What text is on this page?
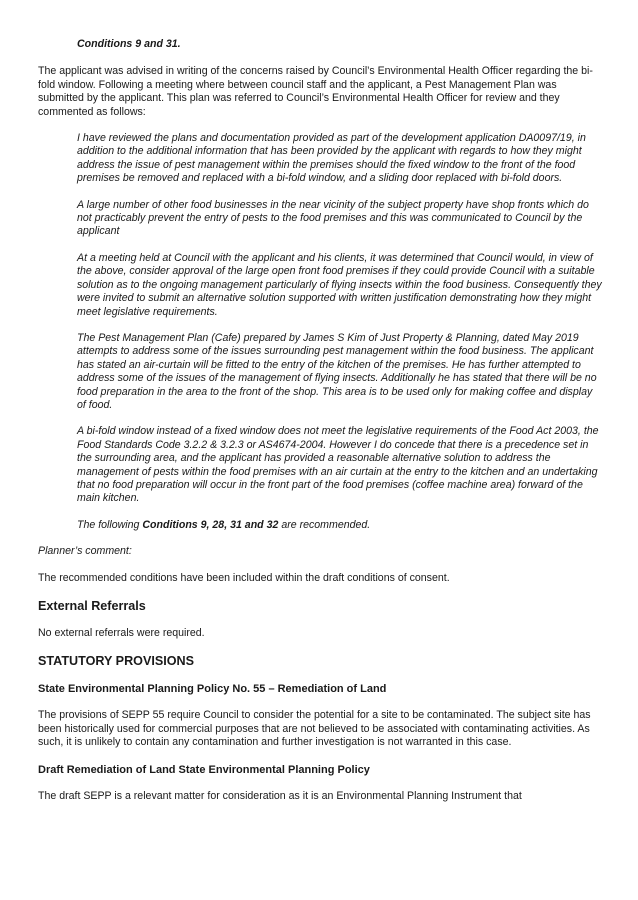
Conditions 9 and 31.

The applicant was advised in writing of the concerns raised by Council’s Environmental Health Officer regarding the bi-fold window. Following a meeting where between council staff and the applicant, a Pest Management Plan was submitted by the applicant. This plan was referred to Council’s Environmental Health Officer for review and they commented as follows:

I have reviewed the plans and documentation provided as part of the development application DA0097/19, in addition to the additional information that has been provided by the applicant with regards to how they might address the issue of pest management within the premises should the fixed window to the front of the food premises be removed and replaced with a bi-fold window, and a sliding door replaced with bi-fold doors.

A large number of other food businesses in the near vicinity of the subject property have shop fronts which do not practicably prevent the entry of pests to the food premises and this was communicated to Council by the applicant

At a meeting held at Council with the applicant and his clients, it was determined that Council would, in view of the above, consider approval of the large open front food premises if they could provide Council with a suitable solution as to the ongoing management particularly of flying insects within the food business. Consequently they were invited to submit an alternative solution supported with written justification demonstrating how they might meet legislative requirements.

The Pest Management Plan (Cafe) prepared by James S Kim of Just Property & Planning, dated May 2019 attempts to address some of the issues surrounding pest management within the food business. The applicant has stated an air-curtain will be fitted to the entry of the kitchen of the premises. He has further attempted to address some of the issues of the management of flying insects. Additionally he has stated that there will be no food preparation in the area to the front of the shop. This area is to be used only for making coffee and display of food.

A bi-fold window instead of a fixed window does not meet the legislative requirements of the Food Act 2003, the Food Standards Code 3.2.2 & 3.2.3 or AS4674-2004. However I do concede that there is a precedence set in the surrounding area, and the applicant has provided a reasonable alternative solution to address the management of pests within the food premises with an air curtain at the entry to the kitchen and an undertaking that no food preparation will occur in the front part of the food premises (coffee machine area) forward of the main kitchen.

The following Conditions 9, 28, 31 and 32 are recommended.

Planner’s comment:

The recommended conditions have been included within the draft conditions of consent.

External Referrals

No external referrals were required.

STATUTORY PROVISIONS
State Environmental Planning Policy No. 55 – Remediation of Land

The provisions of SEPP 55 require Council to consider the potential for a site to be contaminated. The subject site has been historically used for commercial purposes that are not believed to be associated with contaminating activities. As such, it is unlikely to contain any contamination and further investigation is not warranted in this case.

Draft Remediation of Land State Environmental Planning Policy

The draft SEPP is a relevant matter for consideration as it is an Environmental Planning Instrument that
